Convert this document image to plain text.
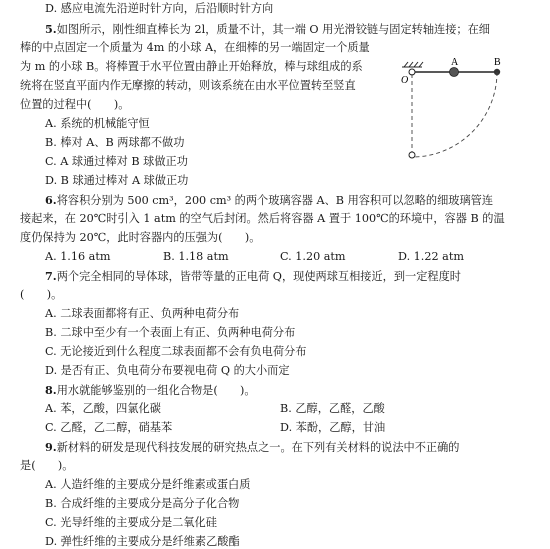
D. 感应电流先沿逆时针方向，后沿顺时针方向
5.如图所示，刚性细直棒长为 2l，质量不计，其一端 O 用光滑铰链与固定转轴连接；在细
棒的中点固定一个质量为 4m 的小球 A，在细棒的另一端固定一个质量
为 m 的小球 B。将棒置于水平位置由静止开始释放，棒与球组成的系
统将在竖直平面内作无摩擦的转动，则该系统在由水平位置转至竖直
位置的过程中(　　)。
A. 系统的机械能守恒
B. 棒对 A、B 两球都不做功
C. A 球通过棒对 B 球做正功
D. B 球通过棒对 A 球做正功
O
A	B
6.将容积分别为 500 cm³，200 cm³ 的两个玻璃容器 A、B 用容积可以忽略的细玻璃管连
接起来，在 20℃时引入 1 atm 的空气后封闭。然后将容器 A 置于 100℃的环境中，容器 B 的温
度仍保持为 20℃，此时容器内的压强为(　　)。
A. 1.16 atm	B. 1.18 atm	C. 1.20 atm	D. 1.22 atm
7.两个完全相同的导体球，皆带等量的正电荷 Q，现使两球互相接近，到一定程度时
(　　)。
A. 二球表面都将有正、负两种电荷分布
B. 二球中至少有一个表面上有正、负两种电荷分布
C. 无论接近到什么程度二球表面都不会有负电荷分布
D. 是否有正、负电荷分布要视电荷 Q 的大小而定
8.用水就能够鉴别的一组化合物是(　　)。
A. 苯，乙酸，四氯化碳	B. 乙醇，乙醛，乙酸
C. 乙醛，乙二醇，硝基苯	D. 苯酚，乙醇，甘油
9.新材料的研发是现代科技发展的研究热点之一。在下列有关材料的说法中不正确的
是(　　)。
A. 人造纤维的主要成分是纤维素或蛋白质
B. 合成纤维的主要成分是高分子化合物
C. 光导纤维的主要成分是二氧化硅
D. 弹性纤维的主要成分是纤维素乙酸酯
